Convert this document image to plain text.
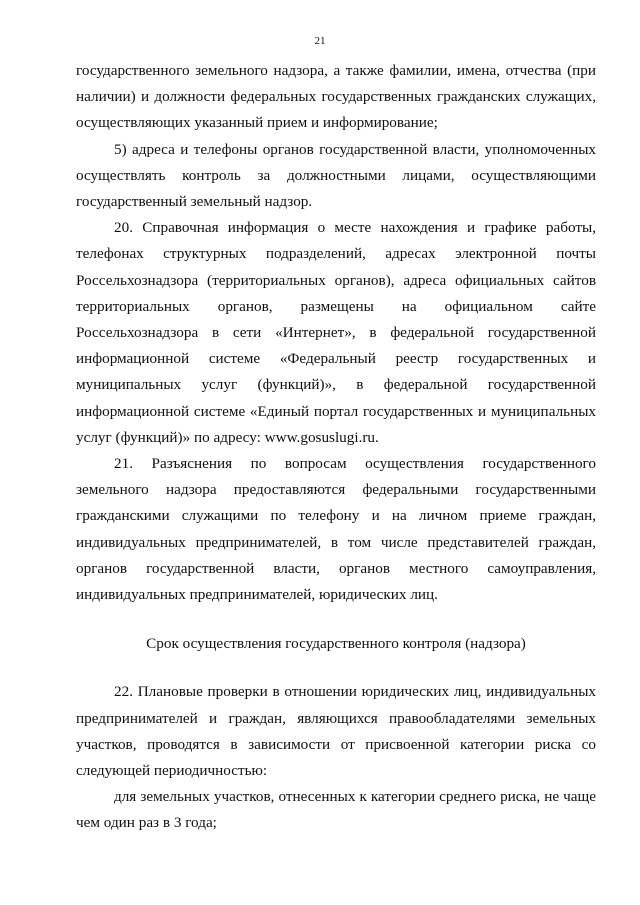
21

государственного земельного надзора, а также фамилии, имена, отчества (при наличии) и должности федеральных государственных гражданских служащих, осуществляющих указанный прием и информирование;

5) адреса и телефоны органов государственной власти, уполномоченных осуществлять контроль за должностными лицами, осуществляющими государственный земельный надзор.

20. Справочная информация о месте нахождения и графике работы, телефонах структурных подразделений, адресах электронной почты Россельхознадзора (территориальных органов), адреса официальных сайтов территориальных органов, размещены на официальном сайте Россельхознадзора в сети «Интернет», в федеральной государственной информационной системе «Федеральный реестр государственных и муниципальных услуг (функций)», в федеральной государственной информационной системе «Единый портал государственных и муниципальных услуг (функций)» по адресу: www.gosuslugi.ru.

21. Разъяснения по вопросам осуществления государственного земельного надзора предоставляются федеральными государственными гражданскими служащими по телефону и на личном приеме граждан, индивидуальных предпринимателей, в том числе представителей граждан, органов государственной власти, органов местного самоуправления, индивидуальных предпринимателей, юридических лиц.

Срок осуществления государственного контроля (надзора)

22. Плановые проверки в отношении юридических лиц, индивидуальных предпринимателей и граждан, являющихся правообладателями земельных участков, проводятся в зависимости от присвоенной категории риска со следующей периодичностью:

для земельных участков, отнесенных к категории среднего риска, не чаще чем один раз в 3 года;
